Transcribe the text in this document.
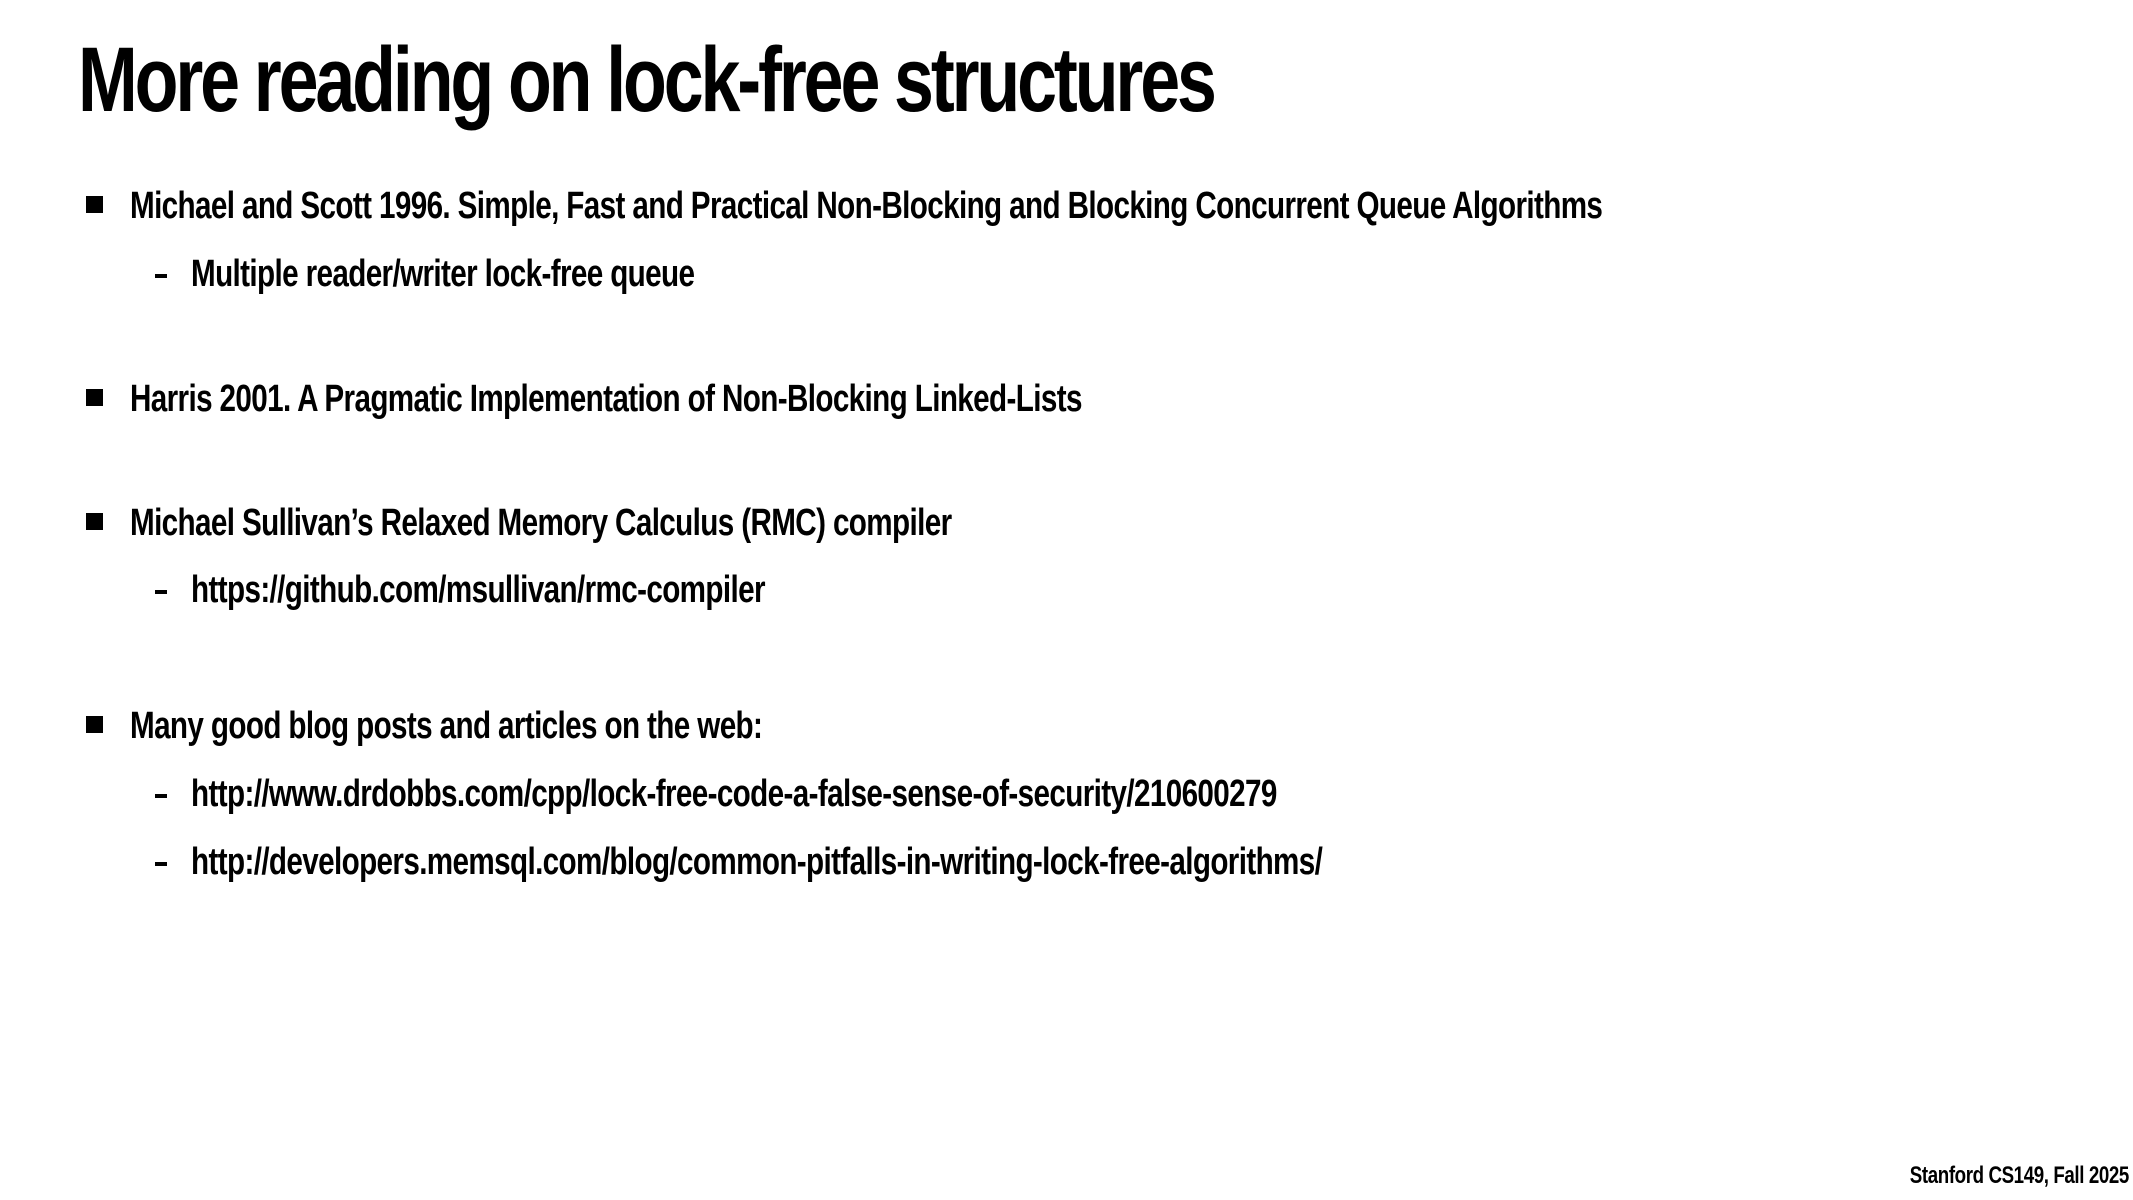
More reading on lock-free structures
Michael and Scott 1996. Simple, Fast and Practical Non-Blocking and Blocking Concurrent Queue Algorithms
Multiple reader/writer lock-free queue
Harris 2001. A Pragmatic Implementation of Non-Blocking Linked-Lists
Michael Sullivan’s Relaxed Memory Calculus (RMC) compiler
https://github.com/msullivan/rmc-compiler
Many good blog posts and articles on the web:
http://www.drdobbs.com/cpp/lock-free-code-a-false-sense-of-security/210600279
http://developers.memsql.com/blog/common-pitfalls-in-writing-lock-free-algorithms/
Stanford CS149, Fall 2025
